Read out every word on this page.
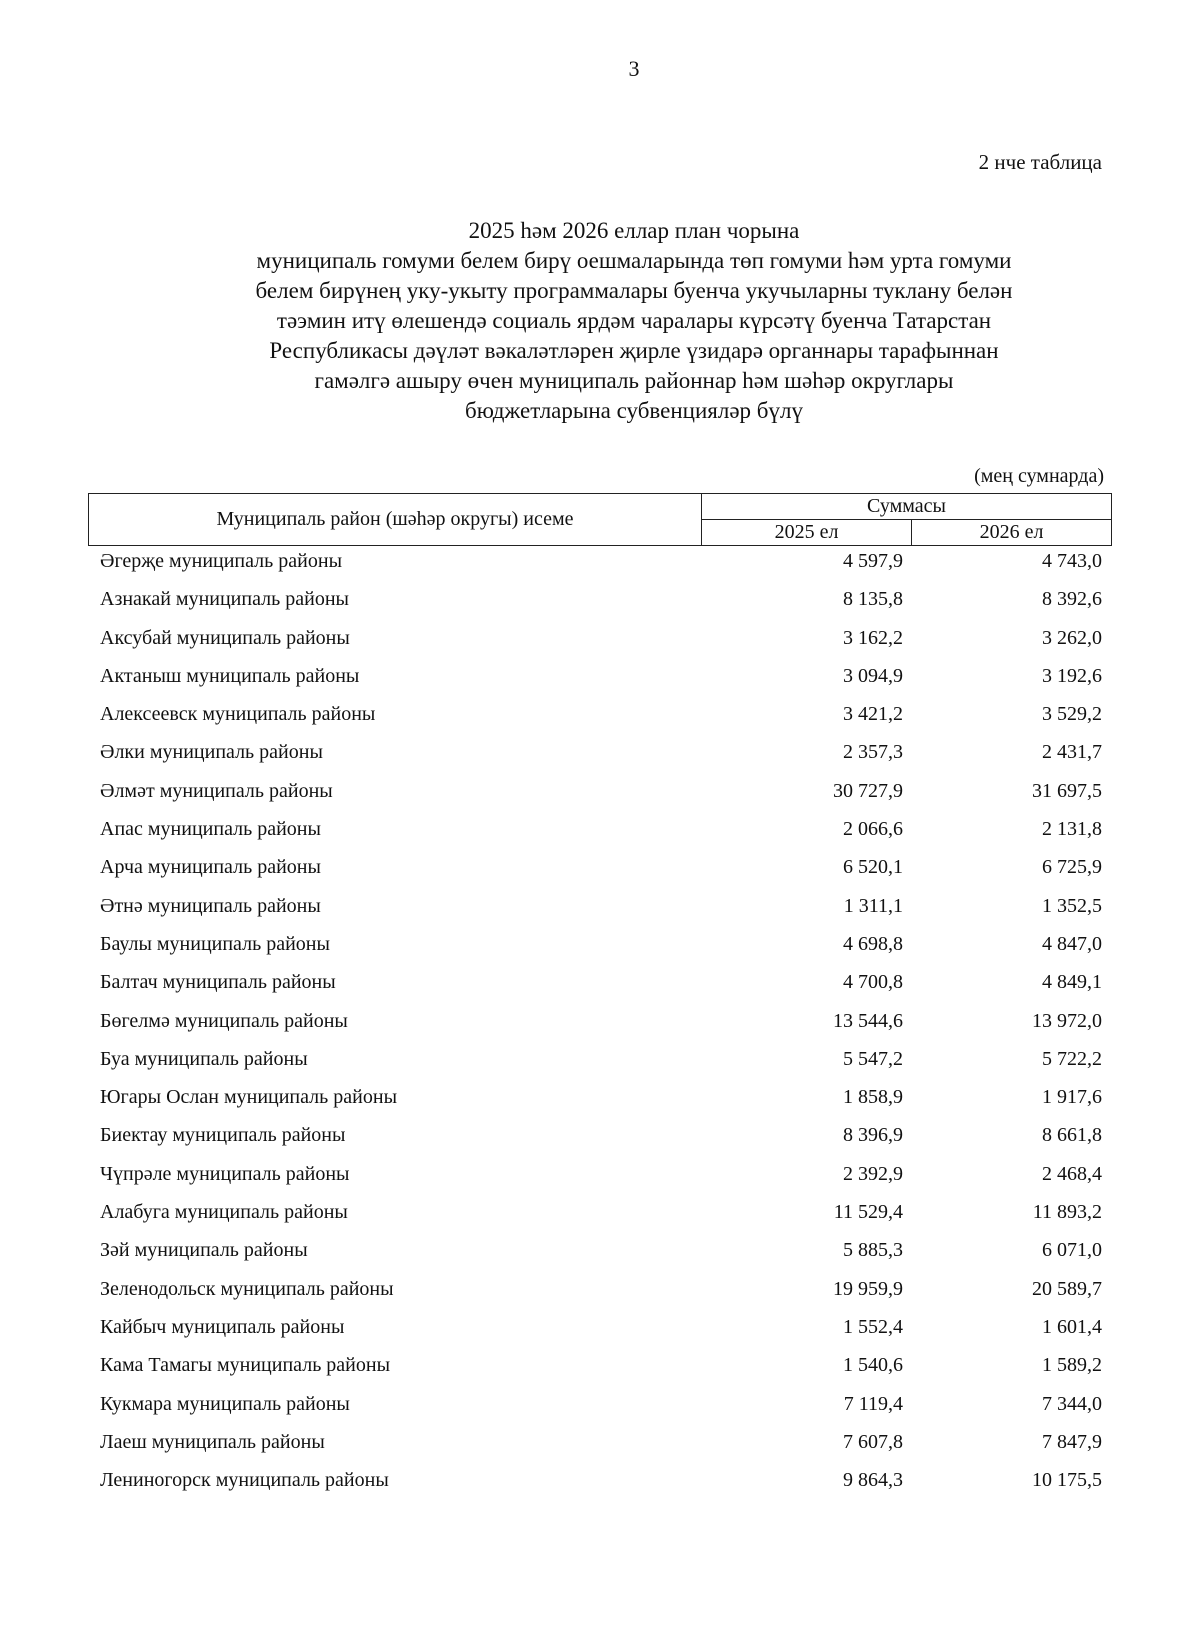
3
2 нче таблица
2025 һәм 2026 еллар план чорына
муниципаль гомуми белем бирү оешмаларында төп гомуми һәм урта гомуми
белем бирүнең уку-укыту программалары буенча укучыларны туклану белән
тәэмин итү өлешендә социаль ярдәм чаралары күрсәтү буенча Татарстан
Республикасы дәүләт вәкаләтләрен җирле үзидарә органнары тарафыннан
гамәлгә ашыру өчен муниципаль районнар һәм шәһәр округлары
бюджетларына субвенцияләр бүлү
(мең сумнарда)
Муниципаль район (шәһәр округы) исеме
Суммасы
2025 ел	2026 ел
Әгерҗе муниципаль районы	4 597,9	4 743,0
Азнакай муниципаль районы	8 135,8	8 392,6
Аксубай муниципаль районы	3 162,2	3 262,0
Актаныш муниципаль районы	3 094,9	3 192,6
Алексеевск муниципаль районы	3 421,2	3 529,2
Әлки муниципаль районы	2 357,3	2 431,7
Әлмәт муниципаль районы	30 727,9	31 697,5
Апас муниципаль районы	2 066,6	2 131,8
Арча муниципаль районы	6 520,1	6 725,9
Әтнә муниципаль районы	1 311,1	1 352,5
Баулы муниципаль районы	4 698,8	4 847,0
Балтач муниципаль районы	4 700,8	4 849,1
Бөгелмә муниципаль районы	13 544,6	13 972,0
Буа муниципаль районы	5 547,2	5 722,2
Югары Ослан муниципаль районы	1 858,9	1 917,6
Биектау муниципаль районы	8 396,9	8 661,8
Чүпрәле муниципаль районы	2 392,9	2 468,4
Алабуга муниципаль районы	11 529,4	11 893,2
Зәй муниципаль районы	5 885,3	6 071,0
Зеленодольск муниципаль районы	19 959,9	20 589,7
Кайбыч муниципаль районы	1 552,4	1 601,4
Кама Тамагы муниципаль районы	1 540,6	1 589,2
Кукмара муниципаль районы	7 119,4	7 344,0
Лаеш муниципаль районы	7 607,8	7 847,9
Лениногорск муниципаль районы	9 864,3	10 175,5
